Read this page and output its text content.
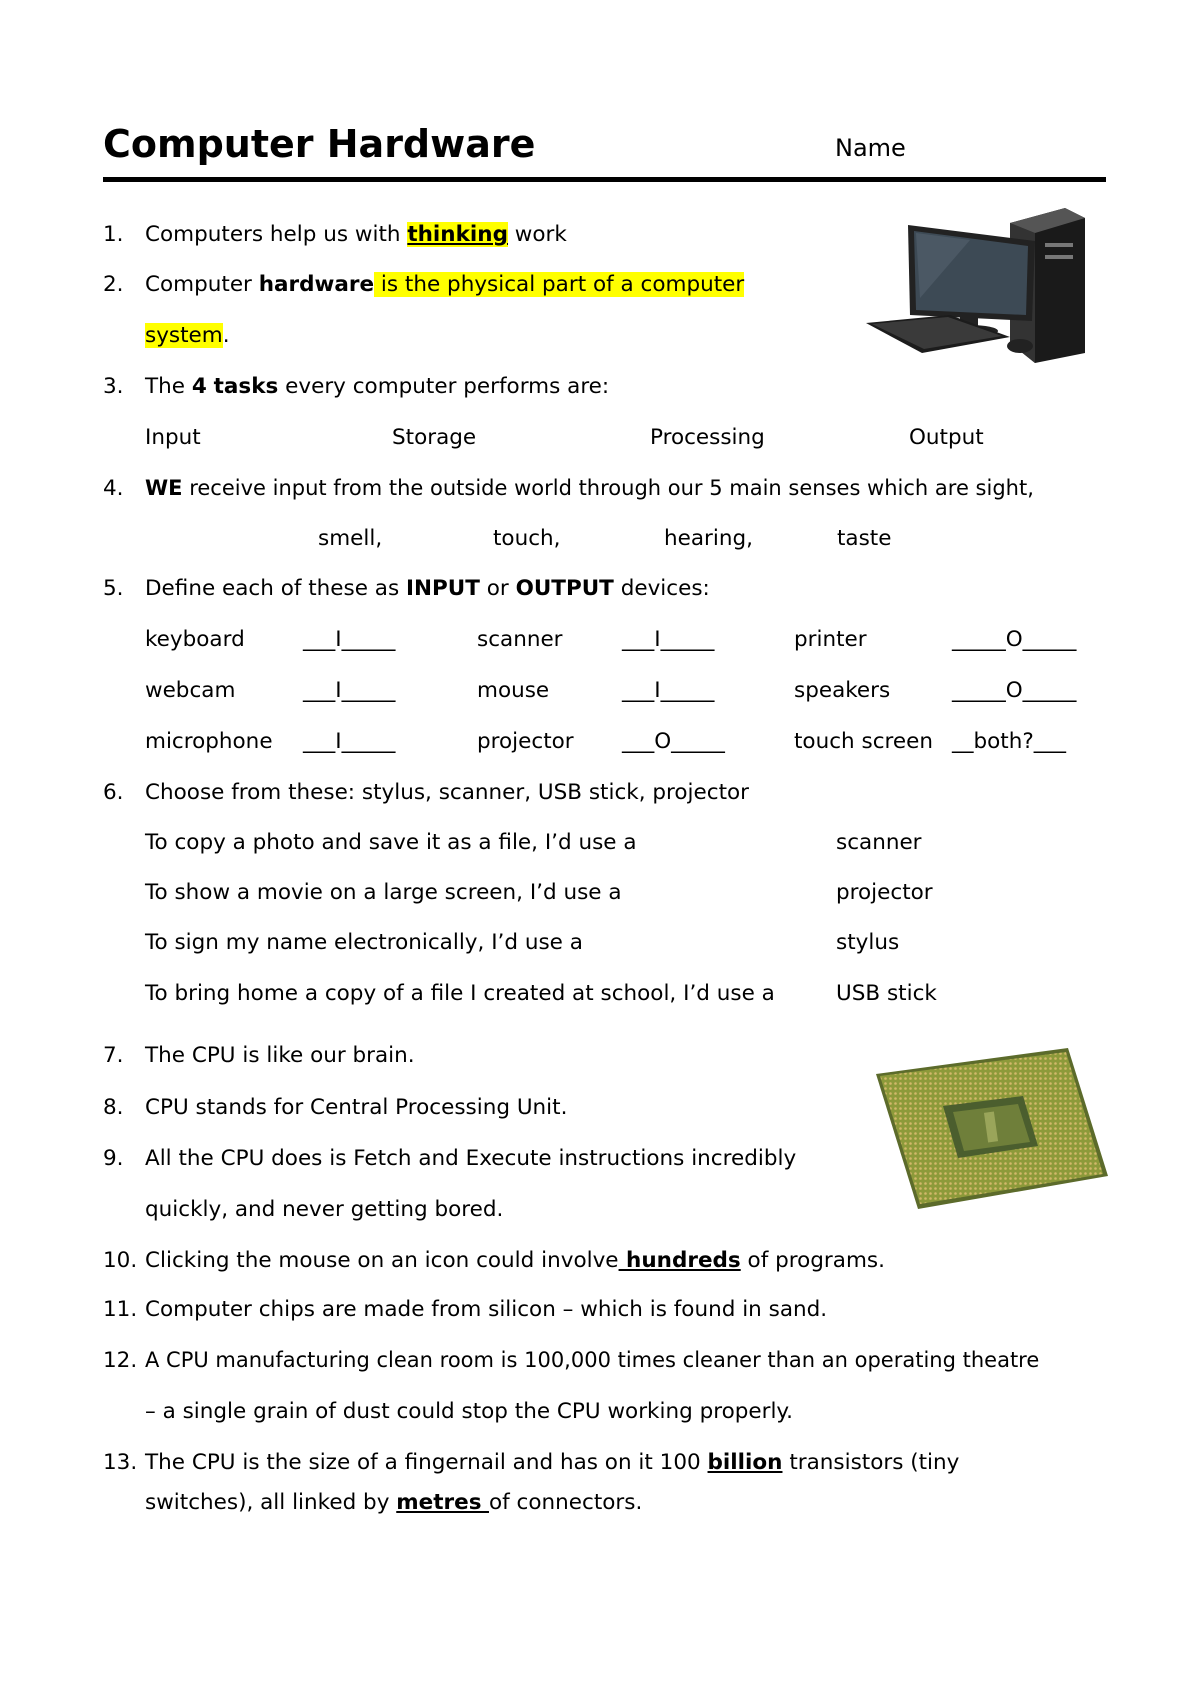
Computer Hardware	Name
1. Computers help us with thinking work
2. Computer hardware is the physical part of a computer
system.
3. The 4 tasks every computer performs are:
Input	Storage	Processing	Output
4. WE receive input from the outside world through our 5 main senses which are sight,
smell,	touch,	hearing,	taste
5. Define each of these as INPUT or OUTPUT devices:
keyboard	___I_____	scanner	___I_____	printer	_____O_____
webcam	___I_____	mouse	___I_____	speakers	_____O_____
microphone ___I_____	projector ___O_____	touch screen __both?___
6. Choose from these: stylus, scanner, USB stick, projector
To copy a photo and save it as a file, I’d use a	scanner
To show a movie on a large screen, I’d use a	projector
To sign my name electronically, I’d use a	stylus
To bring home a copy of a file I created at school, I’d use a	USB stick
7. The CPU is like our brain.
8. CPU stands for Central Processing Unit.
9. All the CPU does is Fetch and Execute instructions incredibly
quickly, and never getting bored.
10. Clicking the mouse on an icon could involve hundreds of programs.
11. Computer chips are made from silicon – which is found in sand.
12. A CPU manufacturing clean room is 100,000 times cleaner than an operating theatre
– a single grain of dust could stop the CPU working properly.
13. The CPU is the size of a fingernail and has on it 100 billion transistors (tiny
switches), all linked by metres of connectors.
